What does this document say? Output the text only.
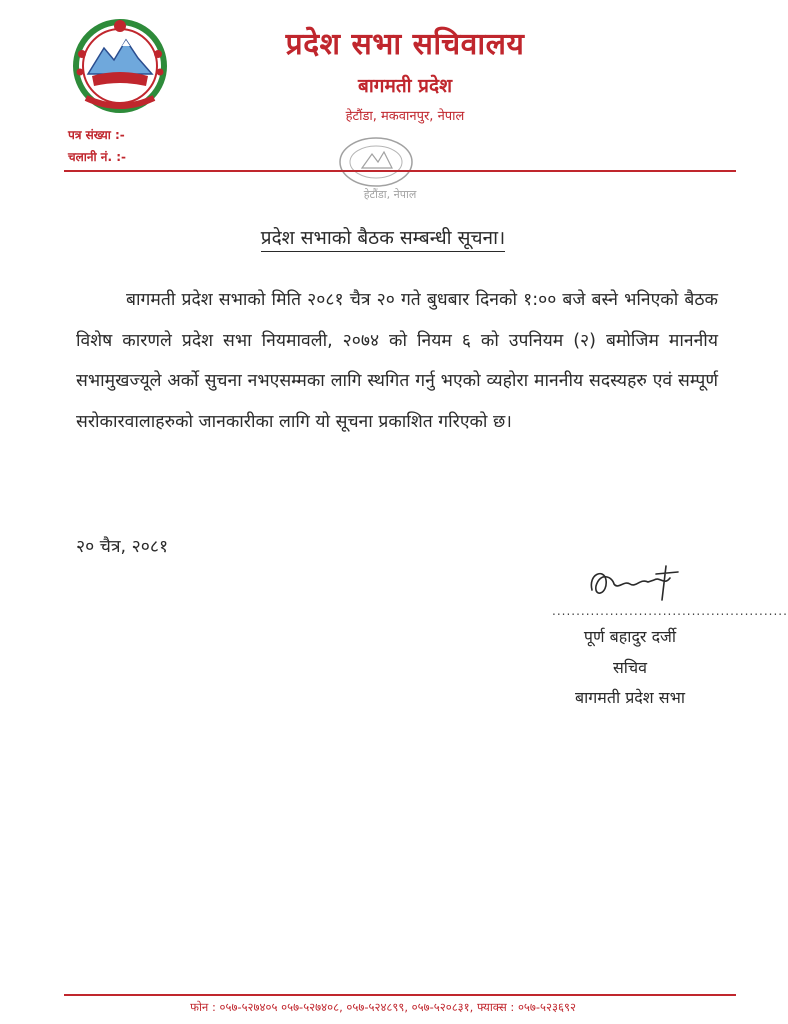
प्रदेश सभा सचिवालय
बागमती प्रदेश
हेटौंडा, मकवानपुर, नेपाल
पत्र संख्या :-
चलानी नं. :-
हेटौंडा, नेपाल
प्रदेश सभाको बैठक सम्बन्धी सूचना।
बागमती प्रदेश सभाको मिति २०८१ चैत्र २० गते बुधबार दिनको १:०० बजे बस्ने भनिएको बैठक विशेष कारणले प्रदेश सभा नियमावली, २०७४ को नियम ६ को उपनियम (२) बमोजिम माननीय सभामुखज्यूले अर्को सुचना नभएसम्मका लागि स्थगित गर्नु भएको व्यहोरा माननीय सदस्यहरु एवं सम्पूर्ण सरोकारवालाहरुको जानकारीका लागि यो सूचना प्रकाशित गरिएको छ।
२० चैत्र, २०८१
.................................................
पूर्ण बहादुर दर्जी
सचिव
बागमती प्रदेश सभा
फोन : ०५७-५२७४०५ ०५७-५२७४०८, ०५७-५२४८९९, ०५७-५२०८३१, फ्याक्स : ०५७-५२३६९२
